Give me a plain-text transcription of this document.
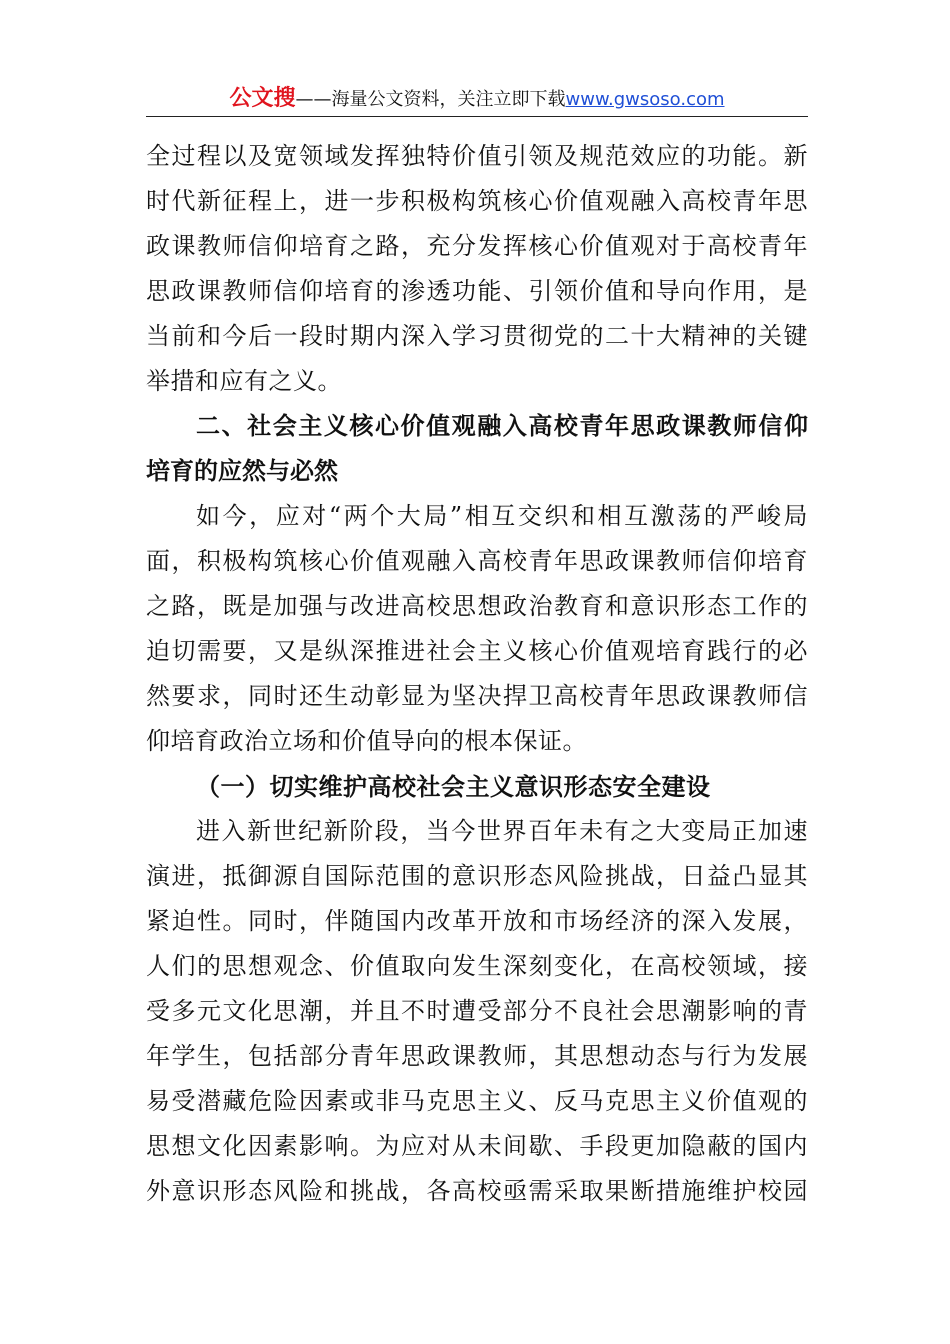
公文搜——海量公文资料，关注立即下载www.gwsoso.com
全过程以及宽领域发挥独特价值引领及规范效应的功能。新
时代新征程上，进一步积极构筑核心价值观融入高校青年思
政课教师信仰培育之路，充分发挥核心价值观对于高校青年
思政课教师信仰培育的渗透功能、引领价值和导向作用，是
当前和今后一段时期内深入学习贯彻党的二十大精神的关键
举措和应有之义。
二、社会主义核心价值观融入高校青年思政课教师信仰
培育的应然与必然
如今，应对“两个大局”相互交织和相互激荡的严峻局
面，积极构筑核心价值观融入高校青年思政课教师信仰培育
之路，既是加强与改进高校思想政治教育和意识形态工作的
迫切需要，又是纵深推进社会主义核心价值观培育践行的必
然要求，同时还生动彰显为坚决捍卫高校青年思政课教师信
仰培育政治立场和价值导向的根本保证。
（一）切实维护高校社会主义意识形态安全建设
进入新世纪新阶段，当今世界百年未有之大变局正加速
演进，抵御源自国际范围的意识形态风险挑战，日益凸显其
紧迫性。同时，伴随国内改革开放和市场经济的深入发展，
人们的思想观念、价值取向发生深刻变化，在高校领域，接
受多元文化思潮，并且不时遭受部分不良社会思潮影响的青
年学生，包括部分青年思政课教师，其思想动态与行为发展
易受潜藏危险因素或非马克思主义、反马克思主义价值观的
思想文化因素影响。为应对从未间歇、手段更加隐蔽的国内
外意识形态风险和挑战，各高校亟需采取果断措施维护校园
